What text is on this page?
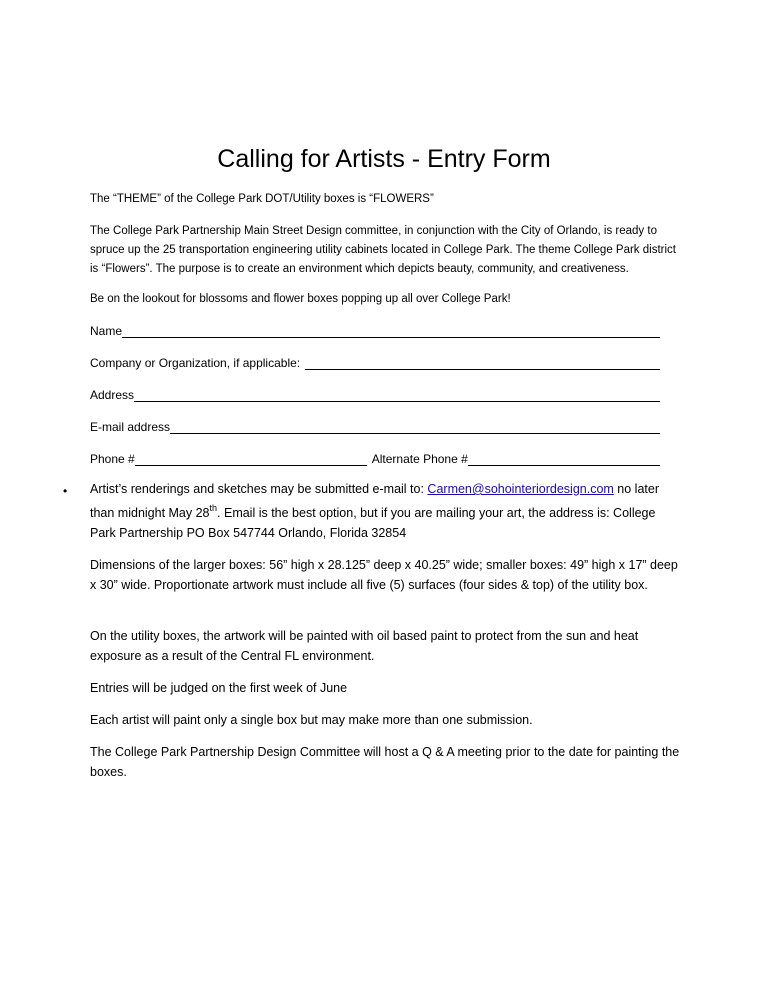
Calling for Artists - Entry Form
The “THEME” of the College Park DOT/Utility boxes is “FLOWERS”
The College Park Partnership Main Street Design committee, in conjunction with the City of Orlando, is ready to
spruce up the 25 transportation engineering utility cabinets located in College Park. The theme College Park district
is “Flowers”. The purpose is to create an environment which depicts beauty, community, and creativeness.
Be on the lookout for blossoms and flower boxes popping up all over College Park!
Name
Company or Organization, if applicable:
Address
E-mail address
Phone #	Alternate Phone #
• Artist’s renderings and sketches may be submitted e-mail to: Carmen@sohointeriordesign.com no later
than midnight May 28th. Email is the best option, but if you are mailing your art, the address is: College
Park Partnership PO Box 547744 Orlando, Florida 32854
Dimensions of the larger boxes: 56” high x 28.125” deep x 40.25” wide; smaller boxes: 49” high x 17” deep x 30” wide. Proportionate artwork must include all five (5) surfaces (four sides & top) of the utility box.
On the utility boxes, the artwork will be painted with oil based paint to protect from the sun and heat exposure as a result of the Central FL environment.
Entries will be judged on the first week of June
Each artist will paint only a single box but may make more than one submission.
The College Park Partnership Design Committee will host a Q & A meeting prior to the date for painting the boxes.
